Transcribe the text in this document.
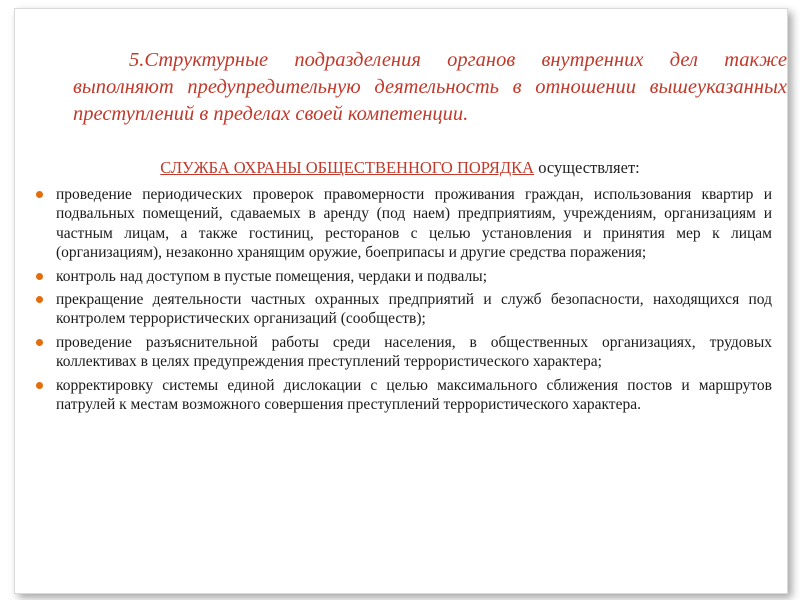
5.Структурные подразделения органов внутренних дел также выполняют предупредительную деятельность в отношении вышеуказанных преступлений в пределах своей компетенции.

СЛУЖБА ОХРАНЫ ОБЩЕСТВЕННОГО ПОРЯДКА осуществляет:
проведение периодических проверок правомерности проживания граждан, использования квартир и подвальных помещений, сдаваемых в аренду (под наем) предприятиям, учреждениям, организациям и частным лицам, а также гостиниц, ресторанов с целью установления и принятия мер к лицам (организациям), незаконно хранящим оружие, боеприпасы и другие средства поражения;
контроль над доступом в пустые помещения, чердаки и подвалы;
прекращение деятельности частных охранных предприятий и служб безопасности, находящихся под контролем террористических организаций (сообществ);
проведение разъяснительной работы среди населения, в общественных организациях, трудовых коллективах в целях предупреждения преступлений террористического характера;
корректировку системы единой дислокации с целью максимального сближения постов и маршрутов патрулей к местам возможного совершения преступлений террористического характера.
